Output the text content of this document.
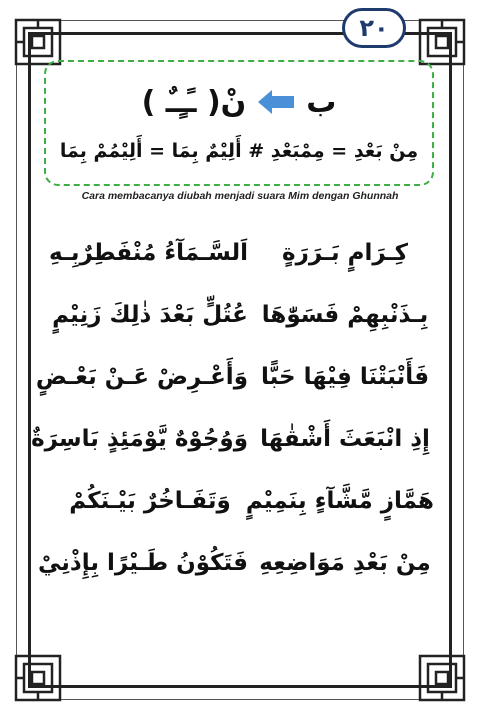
٢٠
ب
نْ( ـًـٍـٌ )
مِنْ بَعْدِ = مِمْبَعْدِ # أَلِيْمٌ بِمَا = أَلِيْمُمْ بِمَا
Cara membacanya diubah menjadi suara Mim dengan Ghunnah
كِـرَامٍ بَـرَرَةٍ
اَلسَّـمَآءُ مُنْفَطِرٌبِـهِ
بِـذَنْبِهِمْ فَسَوّٰهَا
عُتُلٍّ بَعْدَ ذٰلِكَ زَنِيْمٍ
فَأَنْبَتْنَا فِيْهَا حَبًّا
وَأَعْـرِضْ عَـنْ بَعْـضٍ
إِذِ انْبَعَثَ أَشْقٰهَا
وَوُجُوْهٌ يَّوْمَئِذٍ بَاسِرَةٌ
هَمَّازٍ مَّشَّآءٍ بِنَمِيْمٍ
وَتَفَـاخُرٌ بَيْـنَكُمْ
مِنْ بَعْدِ مَوَاضِعِهِ
فَتَكُوْنُ طَـيْرًا بِإِذْنِيْ
